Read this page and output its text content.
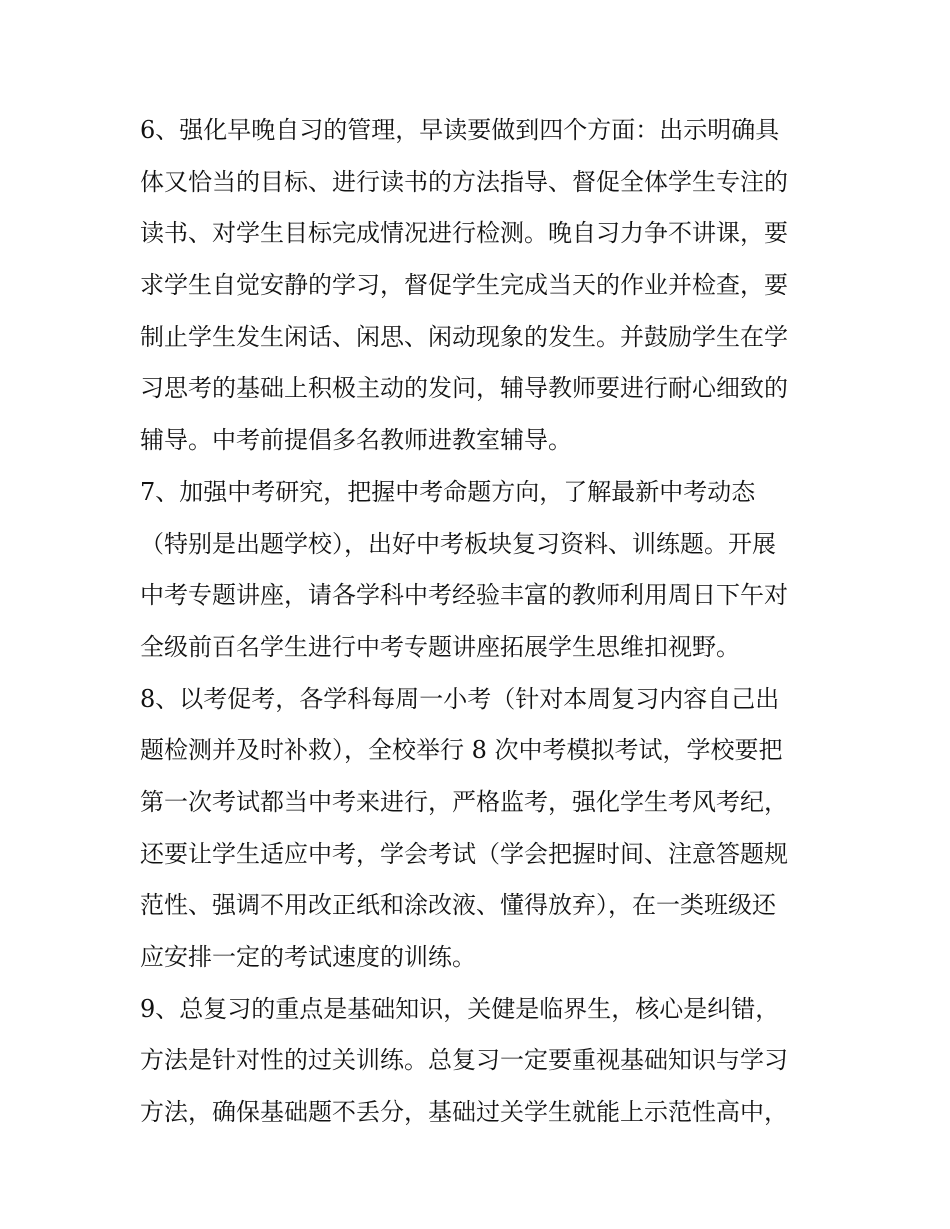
6、强化早晚自习的管理，早读要做到四个方面：出示明确具
体又恰当的目标、进行读书的方法指导、督促全体学生专注的
读书、对学生目标完成情况进行检测。晚自习力争不讲课，要
求学生自觉安静的学习，督促学生完成当天的作业并检查，要
制止学生发生闲话、闲思、闲动现象的发生。并鼓励学生在学
习思考的基础上积极主动的发问，辅导教师要进行耐心细致的
辅导。中考前提倡多名教师进教室辅导。
7、加强中考研究，把握中考命题方向，了解最新中考动态
（特别是出题学校），出好中考板块复习资料、训练题。开展
中考专题讲座，请各学科中考经验丰富的教师利用周日下午对
全级前百名学生进行中考专题讲座拓展学生思维扣视野。
8、以考促考，各学科每周一小考（针对本周复习内容自己出
题检测并及时补救），全校举行 8 次中考模拟考试，学校要把
第一次考试都当中考来进行，严格监考，强化学生考风考纪，
还要让学生适应中考，学会考试（学会把握时间、注意答题规
范性、强调不用改正纸和涂改液、懂得放弃），在一类班级还
应安排一定的考试速度的训练。
9、总复习的重点是基础知识，关健是临界生，核心是纠错，
方法是针对性的过关训练。总复习一定要重视基础知识与学习
方法，确保基础题不丢分，基础过关学生就能上示范性高中，
